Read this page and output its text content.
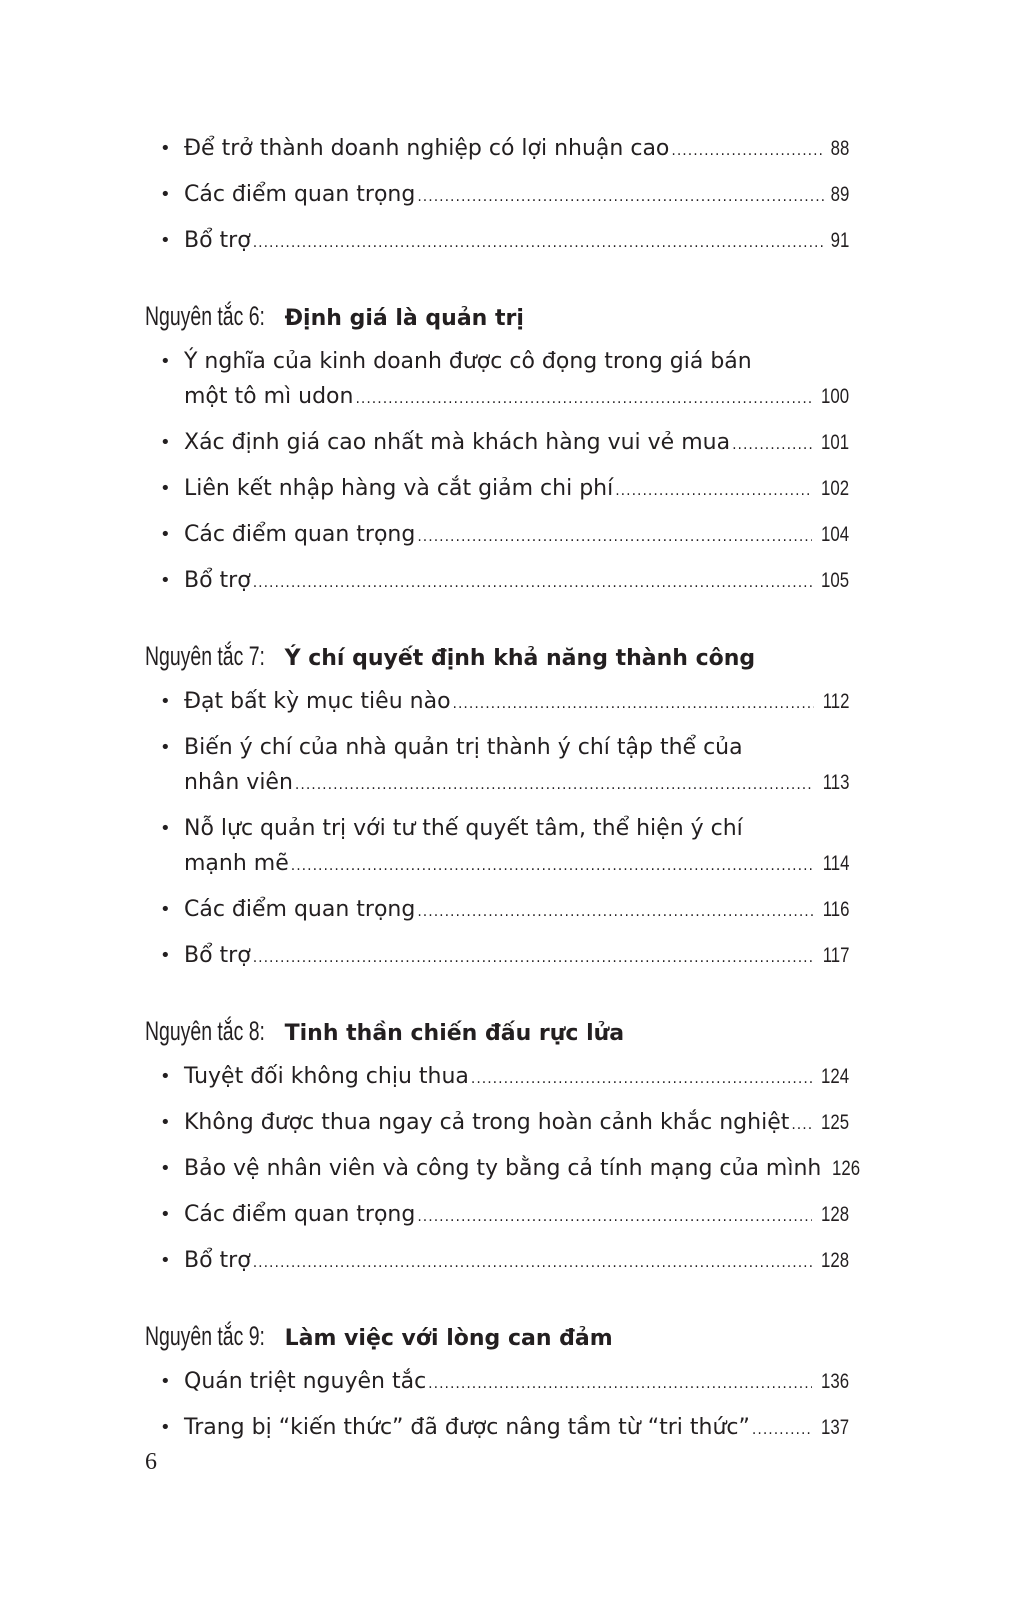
• Để trở thành doanh nghiệp có lợi nhuận cao .....	88
• Các điểm quan trọng .....	89
• Bổ trợ .....	91
Nguyên tắc 6: Định giá là quản trị
• Ý nghĩa của kinh doanh được cô đọng trong giá bán
một tô mì udon .....	100
• Xác định giá cao nhất mà khách hàng vui vẻ mua .....	101
• Liên kết nhập hàng và cắt giảm chi phí .....	102
• Các điểm quan trọng .....	104
• Bổ trợ .....	105
Nguyên tắc 7: Ý chí quyết định khả năng thành công
• Đạt bất kỳ mục tiêu nào .....	112
• Biến ý chí của nhà quản trị thành ý chí tập thể của
nhân viên .....	113
• Nỗ lực quản trị với tư thế quyết tâm, thể hiện ý chí
mạnh mẽ .....	114
• Các điểm quan trọng .....	116
• Bổ trợ .....	117
Nguyên tắc 8: Tinh thần chiến đấu rực lửa
• Tuyệt đối không chịu thua .....	124
• Không được thua ngay cả trong hoàn cảnh khắc nghiệt ..... 125
• Bảo vệ nhân viên và công ty bằng cả tính mạng của mình 126
• Các điểm quan trọng .....	128
• Bổ trợ .....	128
Nguyên tắc 9: Làm việc với lòng can đảm
• Quán triệt nguyên tắc .....	136
• Trang bị “kiến thức” đã được nâng tầm từ “tri thức” .....	137
6
